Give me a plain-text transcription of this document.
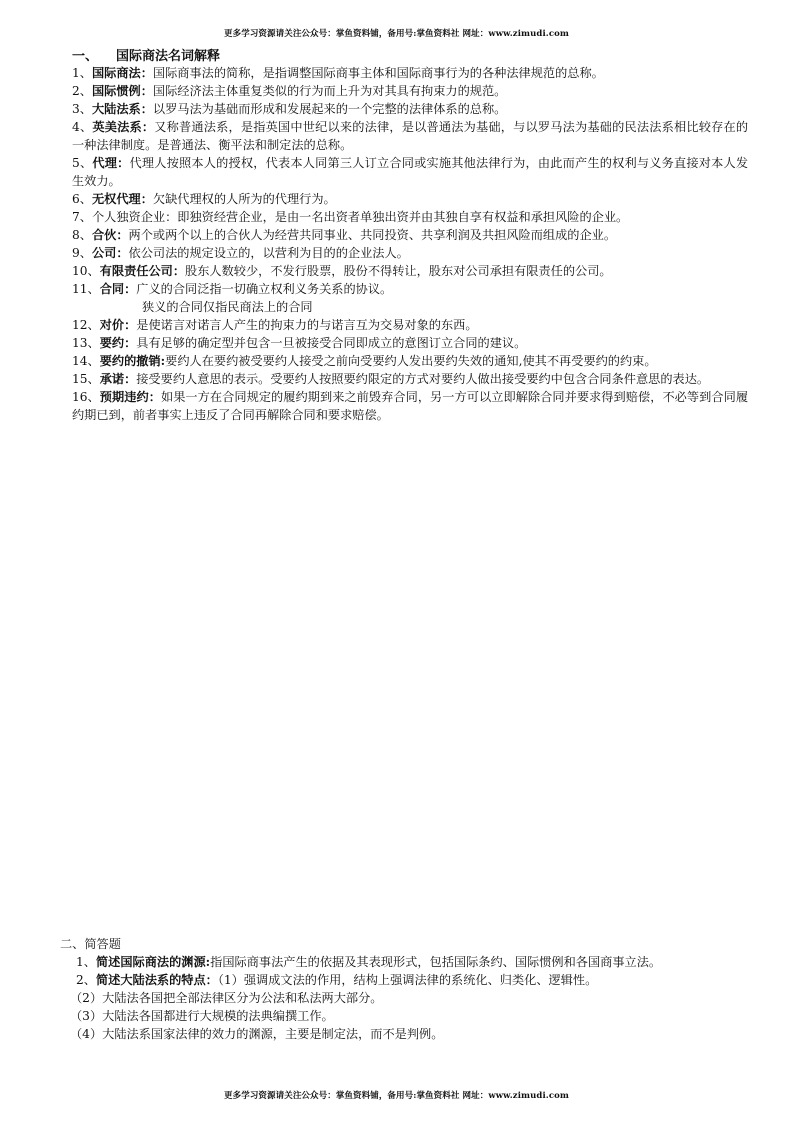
更多学习资源请关注公众号：掌鱼资料铺，备用号:掌鱼资料社 网址：www.zimudi.com
一、 国际商法名词解释

1、国际商法：国际商事法的简称，是指调整国际商事主体和国际商事行为的各种法律规范的总称。

2、国际惯例：国际经济法主体重复类似的行为而上升为对其具有拘束力的规范。

3、大陆法系：以罗马法为基础而形成和发展起来的一个完整的法律体系的总称。

4、英美法系：又称普通法系，是指英国中世纪以来的法律，是以普通法为基础，与以罗马法为基础的民法法系相比较存在的一种法律制度。是普通法、衡平法和制定法的总称。

5、代理：代理人按照本人的授权，代表本人同第三人订立合同或实施其他法律行为，由此而产生的权利与义务直接对本人发生效力。

6、无权代理：欠缺代理权的人所为的代理行为。

7、个人独资企业：即独资经营企业，是由一名出资者单独出资并由其独自享有权益和承担风险的企业。

8、合伙：两个或两个以上的合伙人为经营共同事业、共同投资、共享利润及共担风险而组成的企业。

9、公司：依公司法的规定设立的，以营利为目的的企业法人。

10、有限责任公司：股东人数较少，不发行股票，股份不得转让，股东对公司承担有限责任的公司。

11、合同：广义的合同泛指一切确立权利义务关系的协议。
狭义的合同仅指民商法上的合同

12、对价：是使诺言对诺言人产生的拘束力的与诺言互为交易对象的东西。

13、要约：具有足够的确定型并包含一旦被接受合同即成立的意图订立合同的建议。

14、要约的撤销:要约人在要约被受要约人接受之前向受要约人发出要约失效的通知,使其不再受要约的约束。

15、承诺：接受要约人意思的表示。受要约人按照要约限定的方式对要约人做出接受要约中包含合同条件意思的表达。

16、预期违约：如果一方在合同规定的履约期到来之前毁弃合同，另一方可以立即解除合同并要求得到赔偿，不必等到合同履约期已到，前者事实上违反了合同再解除合同和要求赔偿。

二、简答题

1、简述国际商法的渊源:指国际商事法产生的依据及其表现形式，包括国际条约、国际惯例和各国商事立法。

2、简述大陆法系的特点：（1）强调成文法的作用，结构上强调法律的系统化、归类化、逻辑性。

（2）大陆法各国把全部法律区分为公法和私法两大部分。

（3）大陆法各国都进行大规模的法典编撰工作。

（4）大陆法系国家法律的效力的渊源，主要是制定法，而不是判例。

更多学习资源请关注公众号：掌鱼资料铺，备用号:掌鱼资料社 网址：www.zimudi.com
